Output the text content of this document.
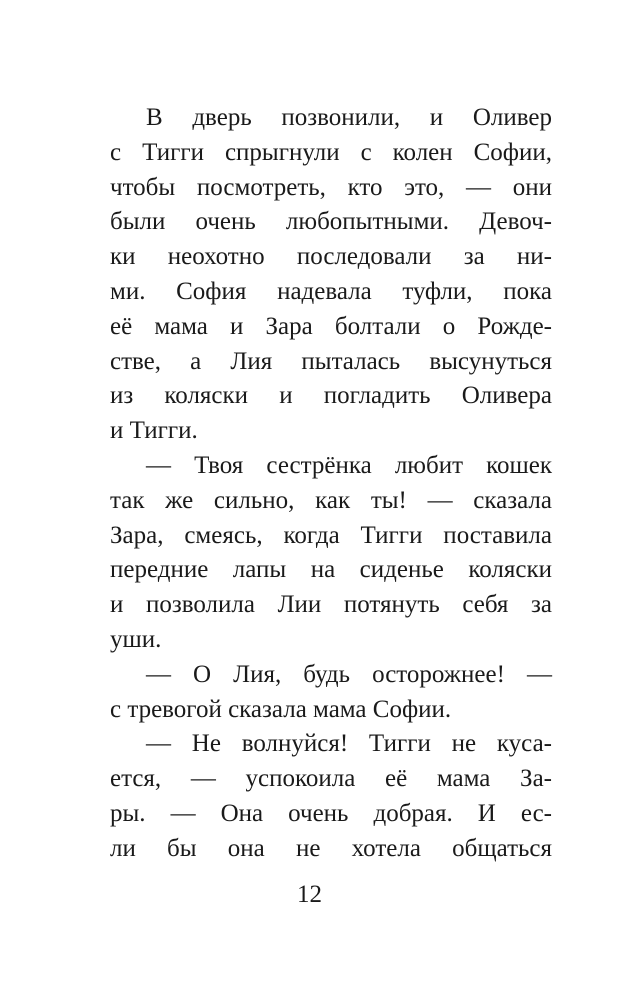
В дверь позвонили, и Оливер
с Тигги спрыгнули с колен Софии,
чтобы посмотреть, кто это, — они
были очень любопытными. Девоч-
ки неохотно последовали за ни-
ми. София надевала туфли, пока
её мама и Зара болтали о Рожде-
стве, а Лия пыталась высунуться
из коляски и погладить Оливера
и Тигги.
— Твоя сестрёнка любит кошек
так же сильно, как ты! — сказала
Зара, смеясь, когда Тигги поставила
передние лапы на сиденье коляски
и позволила Лии потянуть себя за
уши.
— О Лия, будь осторожнее! —
с тревогой сказала мама Софии.
— Не волнуйся! Тигги не куса-
ется, — успокоила её мама За-
ры. — Она очень добрая. И ес-
ли бы она не хотела общаться
12
